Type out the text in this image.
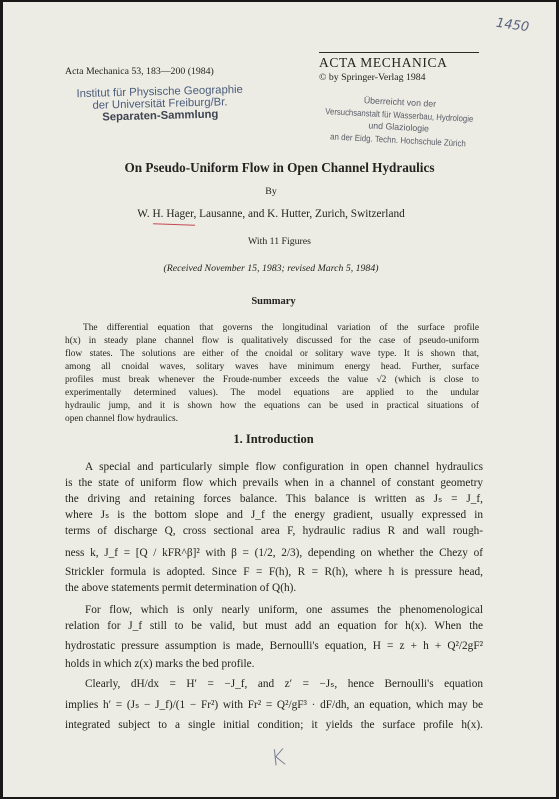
1450
Acta Mechanica 53, 183—200 (1984)
ACTA MECHANICA
© by Springer-Verlag 1984
Institut für Physische Geographie
der Universität Freiburg/Br.
Separaten-Sammlung
Überreicht von der
Versuchsanstalt für Wasserbau, Hydrologie
und Glaziologie
an der Eidg. Techn. Hochschule Zürich
On Pseudo-Uniform Flow in Open Channel Hydraulics
By
W. H. Hager, Lausanne, and K. Hutter, Zurich, Switzerland
With 11 Figures
(Received November 15, 1983; revised March 5, 1984)
Summary
The differential equation that governs the longitudinal variation of the surface profile
h(x) in steady plane channel flow is qualitatively discussed for the case of pseudo-uniform
flow states. The solutions are either of the cnoidal or solitary wave type. It is shown that,
among all cnoidal waves, solitary waves have minimum energy head. Further, surface
profiles must break whenever the Froude-number exceeds the value √2 (which is close to
experimentally determined values). The model equations are applied to the undular
hydraulic jump, and it is shown how the equations can be used in practical situations of
open channel flow hydraulics.
1. Introduction
A special and particularly simple flow configuration in open channel hydraulics
is the state of uniform flow which prevails when in a channel of constant geometry
the driving and retaining forces balance. This balance is written as Jₛ = J_f,
where Jₛ is the bottom slope and J_f the energy gradient, usually expressed in
terms of discharge Q, cross sectional area F, hydraulic radius R and wall rough-
ness k, J_f = [Q / kFR^β]² with β = (1/2, 2/3), depending on whether the Chezy of
Strickler formula is adopted. Since F = F(h), R = R(h), where h is pressure head,
the above statements permit determination of Q(h).
For flow, which is only nearly uniform, one assumes the phenomenological
relation for J_f still to be valid, but must add an equation for h(x). When the
hydrostatic pressure assumption is made, Bernoulli's equation, H = z + h + Q²/2gF²
holds in which z(x) marks the bed profile.
Clearly, dH/dx = H′ = −J_f, and z′ = −Jₛ, hence Bernoulli's equation
implies h′ = (Jₛ − J_f)/(1 − Fr²) with Fr² = Q²/gF³ · dF/dh, an equation, which may be
integrated subject to a single initial condition; it yields the surface profile h(x).
K
